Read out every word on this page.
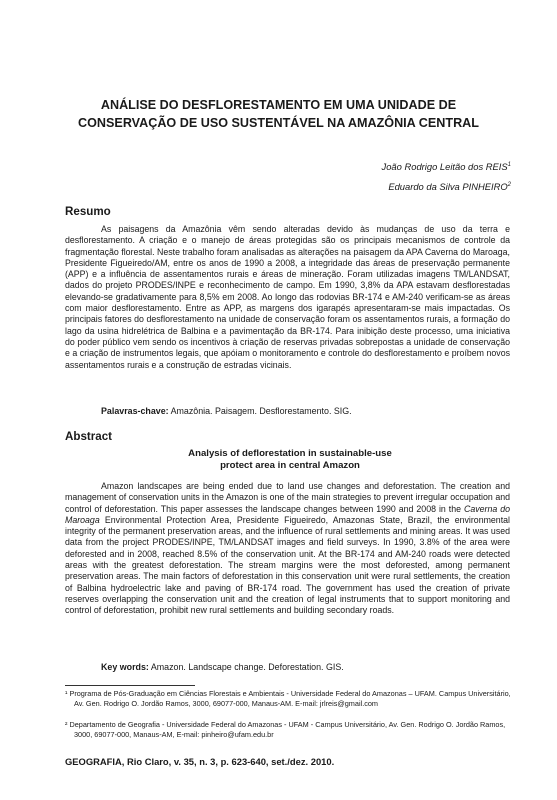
ANÁLISE DO DESFLORESTAMENTO EM UMA UNIDADE DE
CONSERVAÇÃO DE USO SUSTENTÁVEL NA AMAZÔNIA CENTRAL
João Rodrigo Leitão dos REIS$^1$
Eduardo da Silva PINHEIRO$^2$
Resumo

As paisagens da Amazônia vêm sendo alteradas devido às mudanças de uso da terra e desflorestamento. A criação e o manejo de áreas protegidas são os principais mecanismos de controle da fragmentação florestal. Neste trabalho foram analisadas as alterações na paisagem da APA Caverna do Maroaga, Presidente Figueiredo/AM, entre os anos de 1990 a 2008, a integridade das áreas de preservação permanente (APP) e a influência de assentamentos rurais e áreas de mineração. Foram utilizadas imagens TM/LANDSAT, dados do projeto PRODES/INPE e reconhecimento de campo. Em 1990, 3,8% da APA estavam desflorestadas elevando-se gradativamente para 8,5% em 2008. Ao longo das rodovias BR-174 e AM-240 verificam-se as áreas com maior desflorestamento. Entre as APP, as margens dos igarapés apresentaram-se mais impactadas. Os principais fatores do desflorestamento na unidade de conservação foram os assentamentos rurais, a formação do lago da usina hidrelétrica de Balbina e a pavimentação da BR-174. Para inibição deste processo, uma iniciativa do poder público vem sendo os incentivos à criação de reservas privadas sobrepostas a unidade de conservação e a criação de instrumentos legais, que apóiam o monitoramento e controle do desflorestamento e proíbem novos assentamentos rurais e a construção de estradas vicinais.

Palavras-chave: Amazônia. Paisagem. Desflorestamento. SIG.

Abstract

Analysis of deflorestation in sustainable-use
protect area in central Amazon

Amazon landscapes are being ended due to land use changes and deforestation. The creation and management of conservation units in the Amazon is one of the main strategies to prevent irregular occupation and control of deforestation. This paper assesses the landscape changes between 1990 and 2008 in the Caverna do Maroaga Environmental Protection Area, Presidente Figueiredo, Amazonas State, Brazil, the environmental integrity of the permanent preservation areas, and the influence of rural settlements and mining areas. It was used data from the project PRODES/INPE, TM/LANDSAT images and field surveys. In 1990, 3.8% of the area were deforested and in 2008, reached 8.5% of the conservation unit. At the BR-174 and AM-240 roads were detected areas with the greatest deforestation. The stream margins were the most deforested, among permanent preservation areas. The main factors of deforestation in this conservation unit were rural settlements, the creation of Balbina hydroelectric lake and paving of BR-174 road. The government has used the creation of private reserves overlapping the conservation unit and the creation of legal instruments that to support monitoring and control of deforestation, prohibit new rural settlements and building secondary roads.

Key words: Amazon. Landscape change. Deforestation. GIS.

¹ Programa de Pós-Graduação em Ciências Florestais e Ambientais - Universidade Federal do Amazonas – UFAM. Campus Universitário, Av. Gen. Rodrigo O. Jordão Ramos, 3000, 69077-000, Manaus-AM. E-mail: jrlreis@gmail.com

² Departamento de Geografia - Universidade Federal do Amazonas - UFAM - Campus Universitário, Av. Gen. Rodrigo O. Jordão Ramos, 3000, 69077-000, Manaus-AM, E-mail: pinheiro@ufam.edu.br

GEOGRAFIA, Rio Claro, v. 35, n. 3, p. 623-640, set./dez. 2010.
